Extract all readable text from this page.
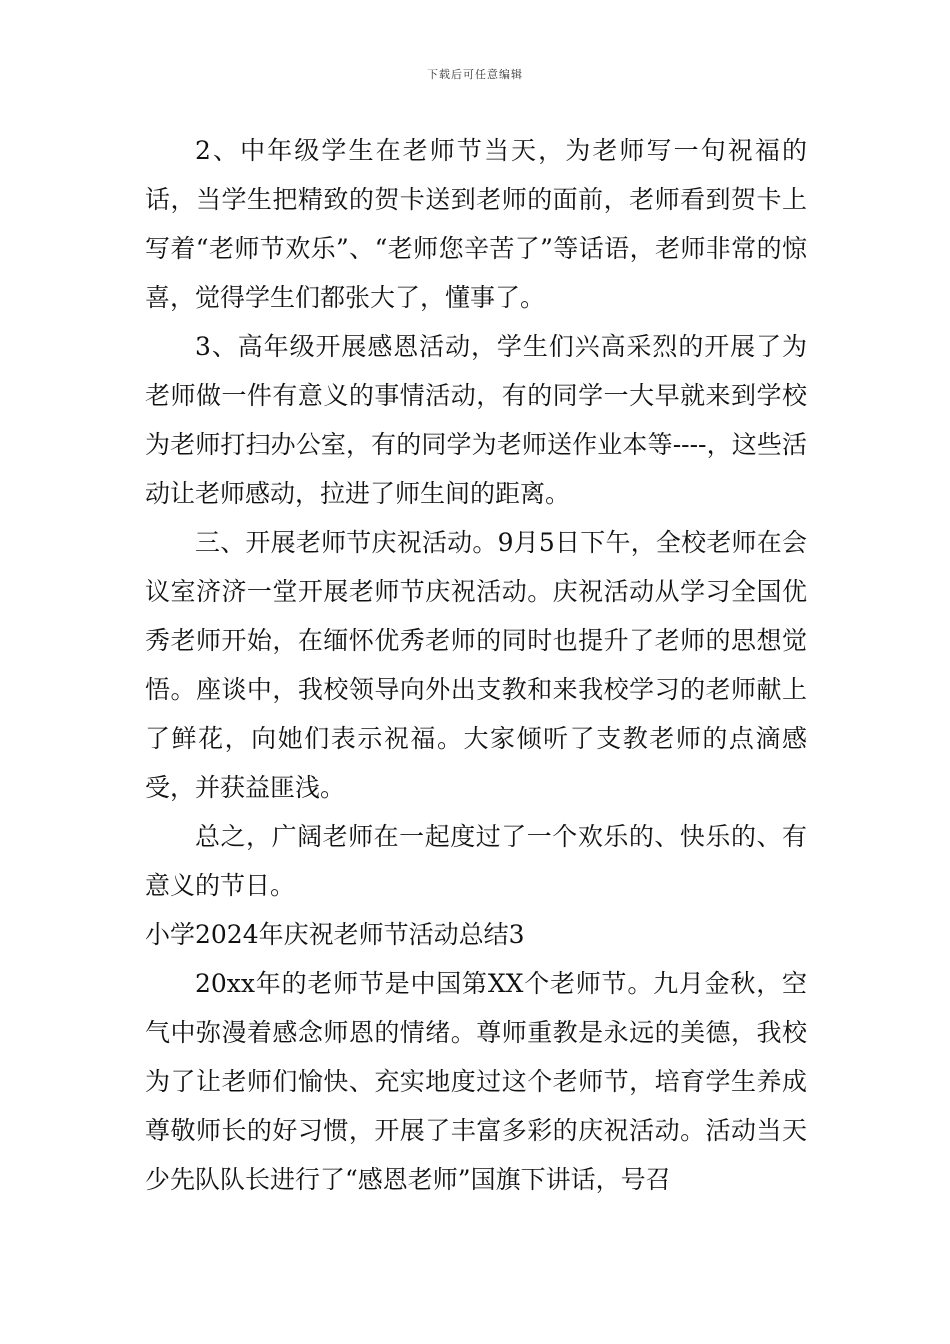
下载后可任意编辑

2、中年级学生在老师节当天，为老师写一句祝福的话，当学生把精致的贺卡送到老师的面前，老师看到贺卡上写着“老师节欢乐”、“老师您辛苦了”等话语，老师非常的惊喜，觉得学生们都张大了，懂事了。

3、高年级开展感恩活动，学生们兴高采烈的开展了为老师做一件有意义的事情活动，有的同学一大早就来到学校为老师打扫办公室，有的同学为老师送作业本等----，这些活动让老师感动，拉进了师生间的距离。

三、开展老师节庆祝活动。9月5日下午，全校老师在会议室济济一堂开展老师节庆祝活动。庆祝活动从学习全国优秀老师开始，在缅怀优秀老师的同时也提升了老师的思想觉悟。座谈中，我校领导向外出支教和来我校学习的老师献上了鲜花，向她们表示祝福。大家倾听了支教老师的点滴感受，并获益匪浅。

总之，广阔老师在一起度过了一个欢乐的、快乐的、有意义的节日。

小学2024年庆祝老师节活动总结3

20xx年的老师节是中国第XX个老师节。九月金秋，空气中弥漫着感念师恩的情绪。尊师重教是永远的美德，我校为了让老师们愉快、充实地度过这个老师节，培育学生养成尊敬师长的好习惯，开展了丰富多彩的庆祝活动。活动当天少先队队长进行了“感恩老师”国旗下讲话，号召
